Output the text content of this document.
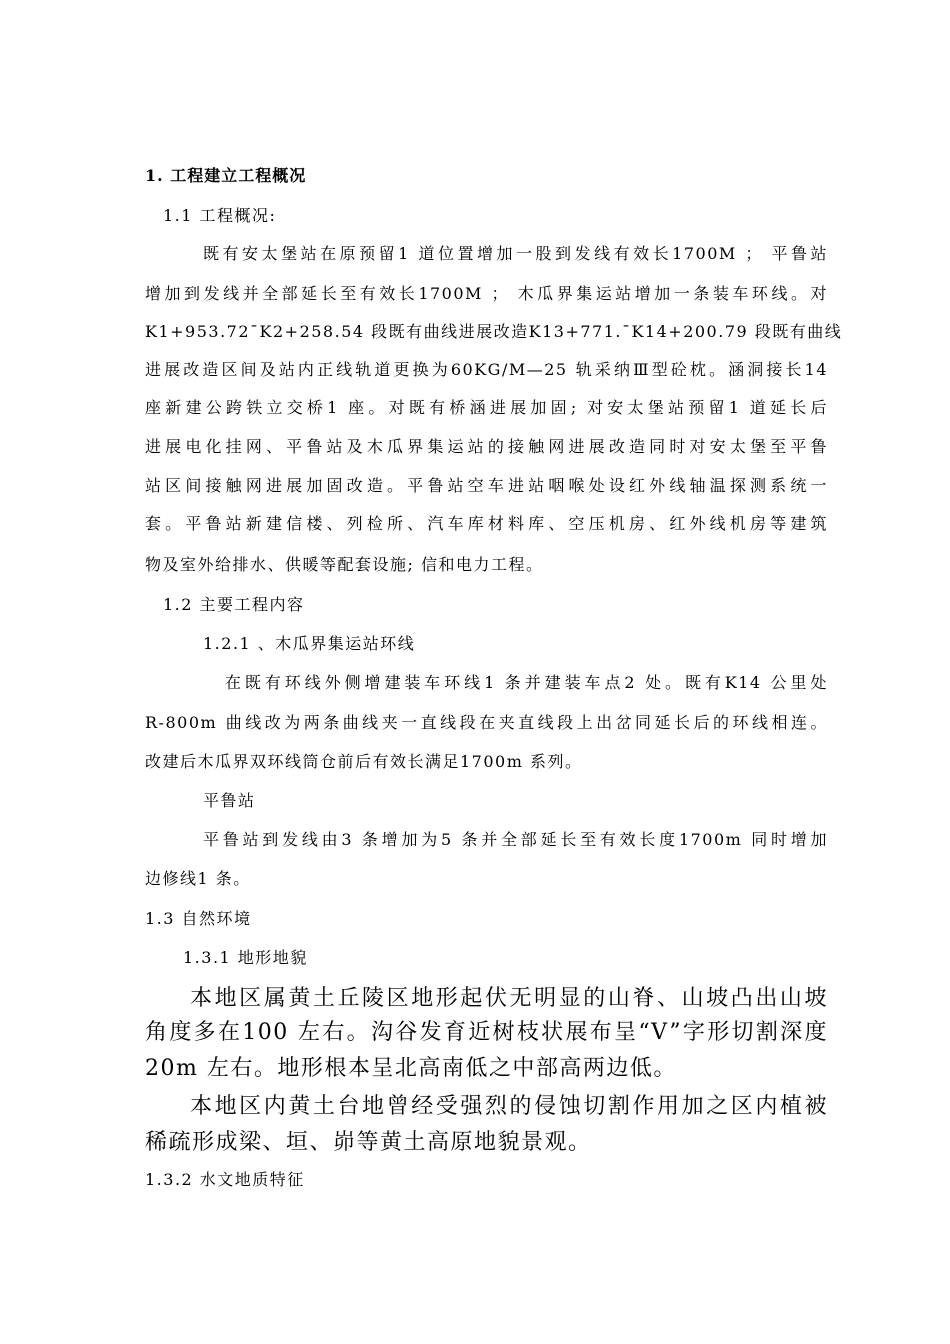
1. 工程建立工程概况
1.1 工程概况:
既有安太堡站在原预留1 道位置增加一股到发线有效长1700M ； 平鲁站
增加到发线并全部延长至有效长1700M ； 木瓜界集运站增加一条装车环线。对
K1+953.72¯K2+258.54 段既有曲线进展改造K13+771.¯K14+200.79 段既有曲线
进展改造区间及站内正线轨道更换为60KG/M—25 轨采纳Ⅲ型砼枕。涵洞接长14
座新建公跨铁立交桥1 座。对既有桥涵进展加固; 对安太堡站预留1 道延长后
进展电化挂网、平鲁站及木瓜界集运站的接触网进展改造同时对安太堡至平鲁
站区间接触网进展加固改造。平鲁站空车进站咽喉处设红外线轴温探测系统一
套。平鲁站新建信楼、列检所、汽车库材料库、空压机房、红外线机房等建筑
物及室外给排水、供暖等配套设施; 信和电力工程。
1.2 主要工程内容
1.2.1 、木瓜界集运站环线
在既有环线外侧增建装车环线1 条并建装车点2 处。既有K14 公里处
R-800m 曲线改为两条曲线夹一直线段在夹直线段上出岔同延长后的环线相连。
改建后木瓜界双环线筒仓前后有效长满足1700m 系列。
平鲁站
平鲁站到发线由3 条增加为5 条并全部延长至有效长度1700m 同时增加
边修线1 条。
1.3 自然环境
1.3.1 地形地貌
本地区属黄土丘陵区地形起伏无明显的山脊、山坡凸出山坡
角度多在100 左右。沟谷发育近树枝状展布呈“V”字形切割深度
20m 左右。地形根本呈北高南低之中部高两边低。
本地区内黄土台地曾经受强烈的侵蚀切割作用加之区内植被
稀疏形成梁、垣、峁等黄土高原地貌景观。
1.3.2 水文地质特征
